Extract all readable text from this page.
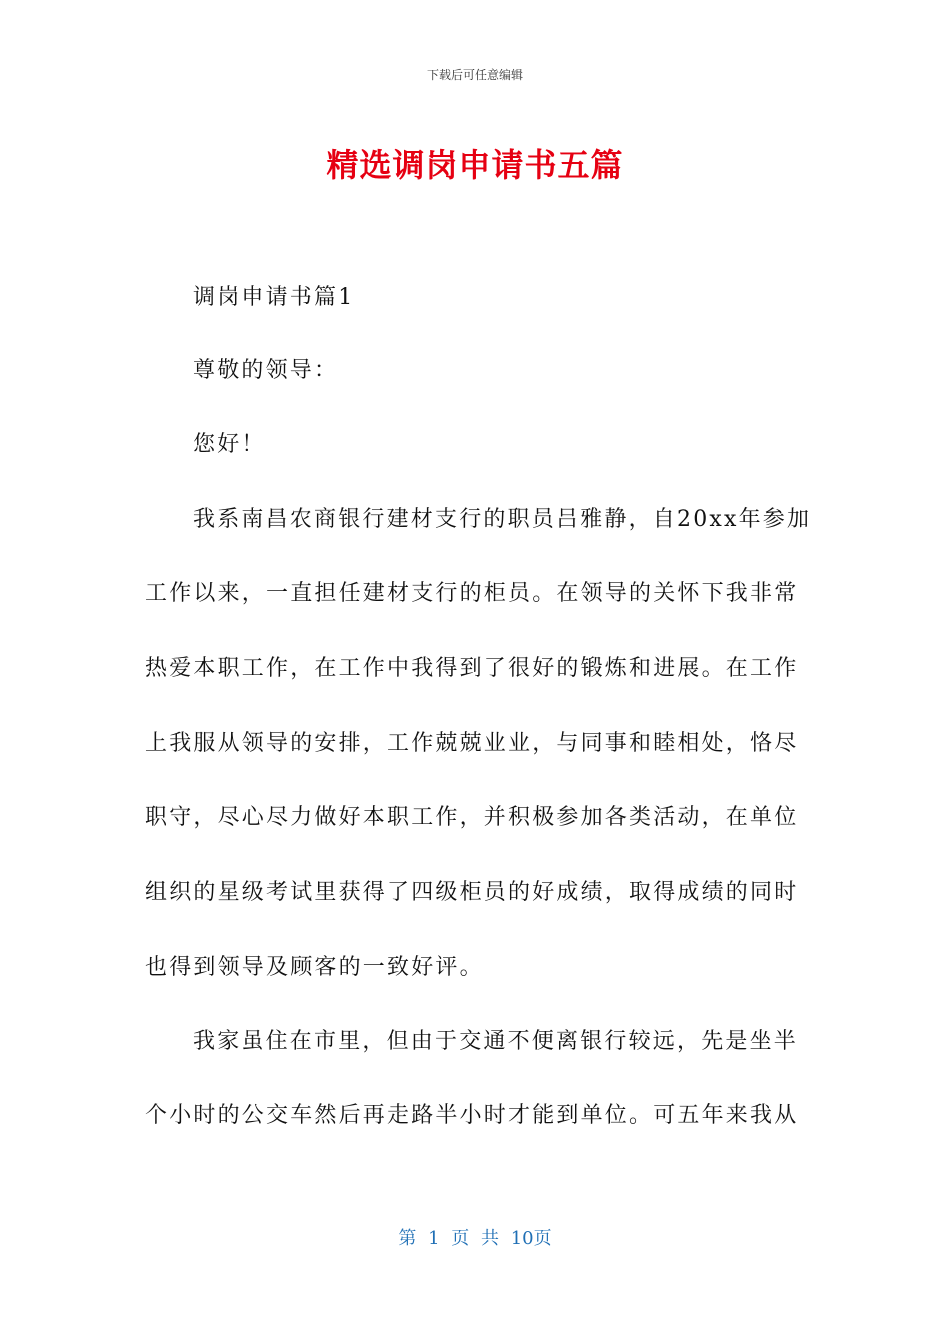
下载后可任意编辑
精选调岗申请书五篇
调岗申请书篇1
尊敬的领导：
您好！
我系南昌农商银行建材支行的职员吕雅静，自20xx年参加
工作以来，一直担任建材支行的柜员。在领导的关怀下我非常
热爱本职工作，在工作中我得到了很好的锻炼和进展。在工作
上我服从领导的安排，工作兢兢业业，与同事和睦相处，恪尽
职守，尽心尽力做好本职工作，并积极参加各类活动，在单位
组织的星级考试里获得了四级柜员的好成绩，取得成绩的同时
也得到领导及顾客的一致好评。
我家虽住在市里，但由于交通不便离银行较远，先是坐半
个小时的公交车然后再走路半小时才能到单位。可五年来我从
第 1 页 共 10页
